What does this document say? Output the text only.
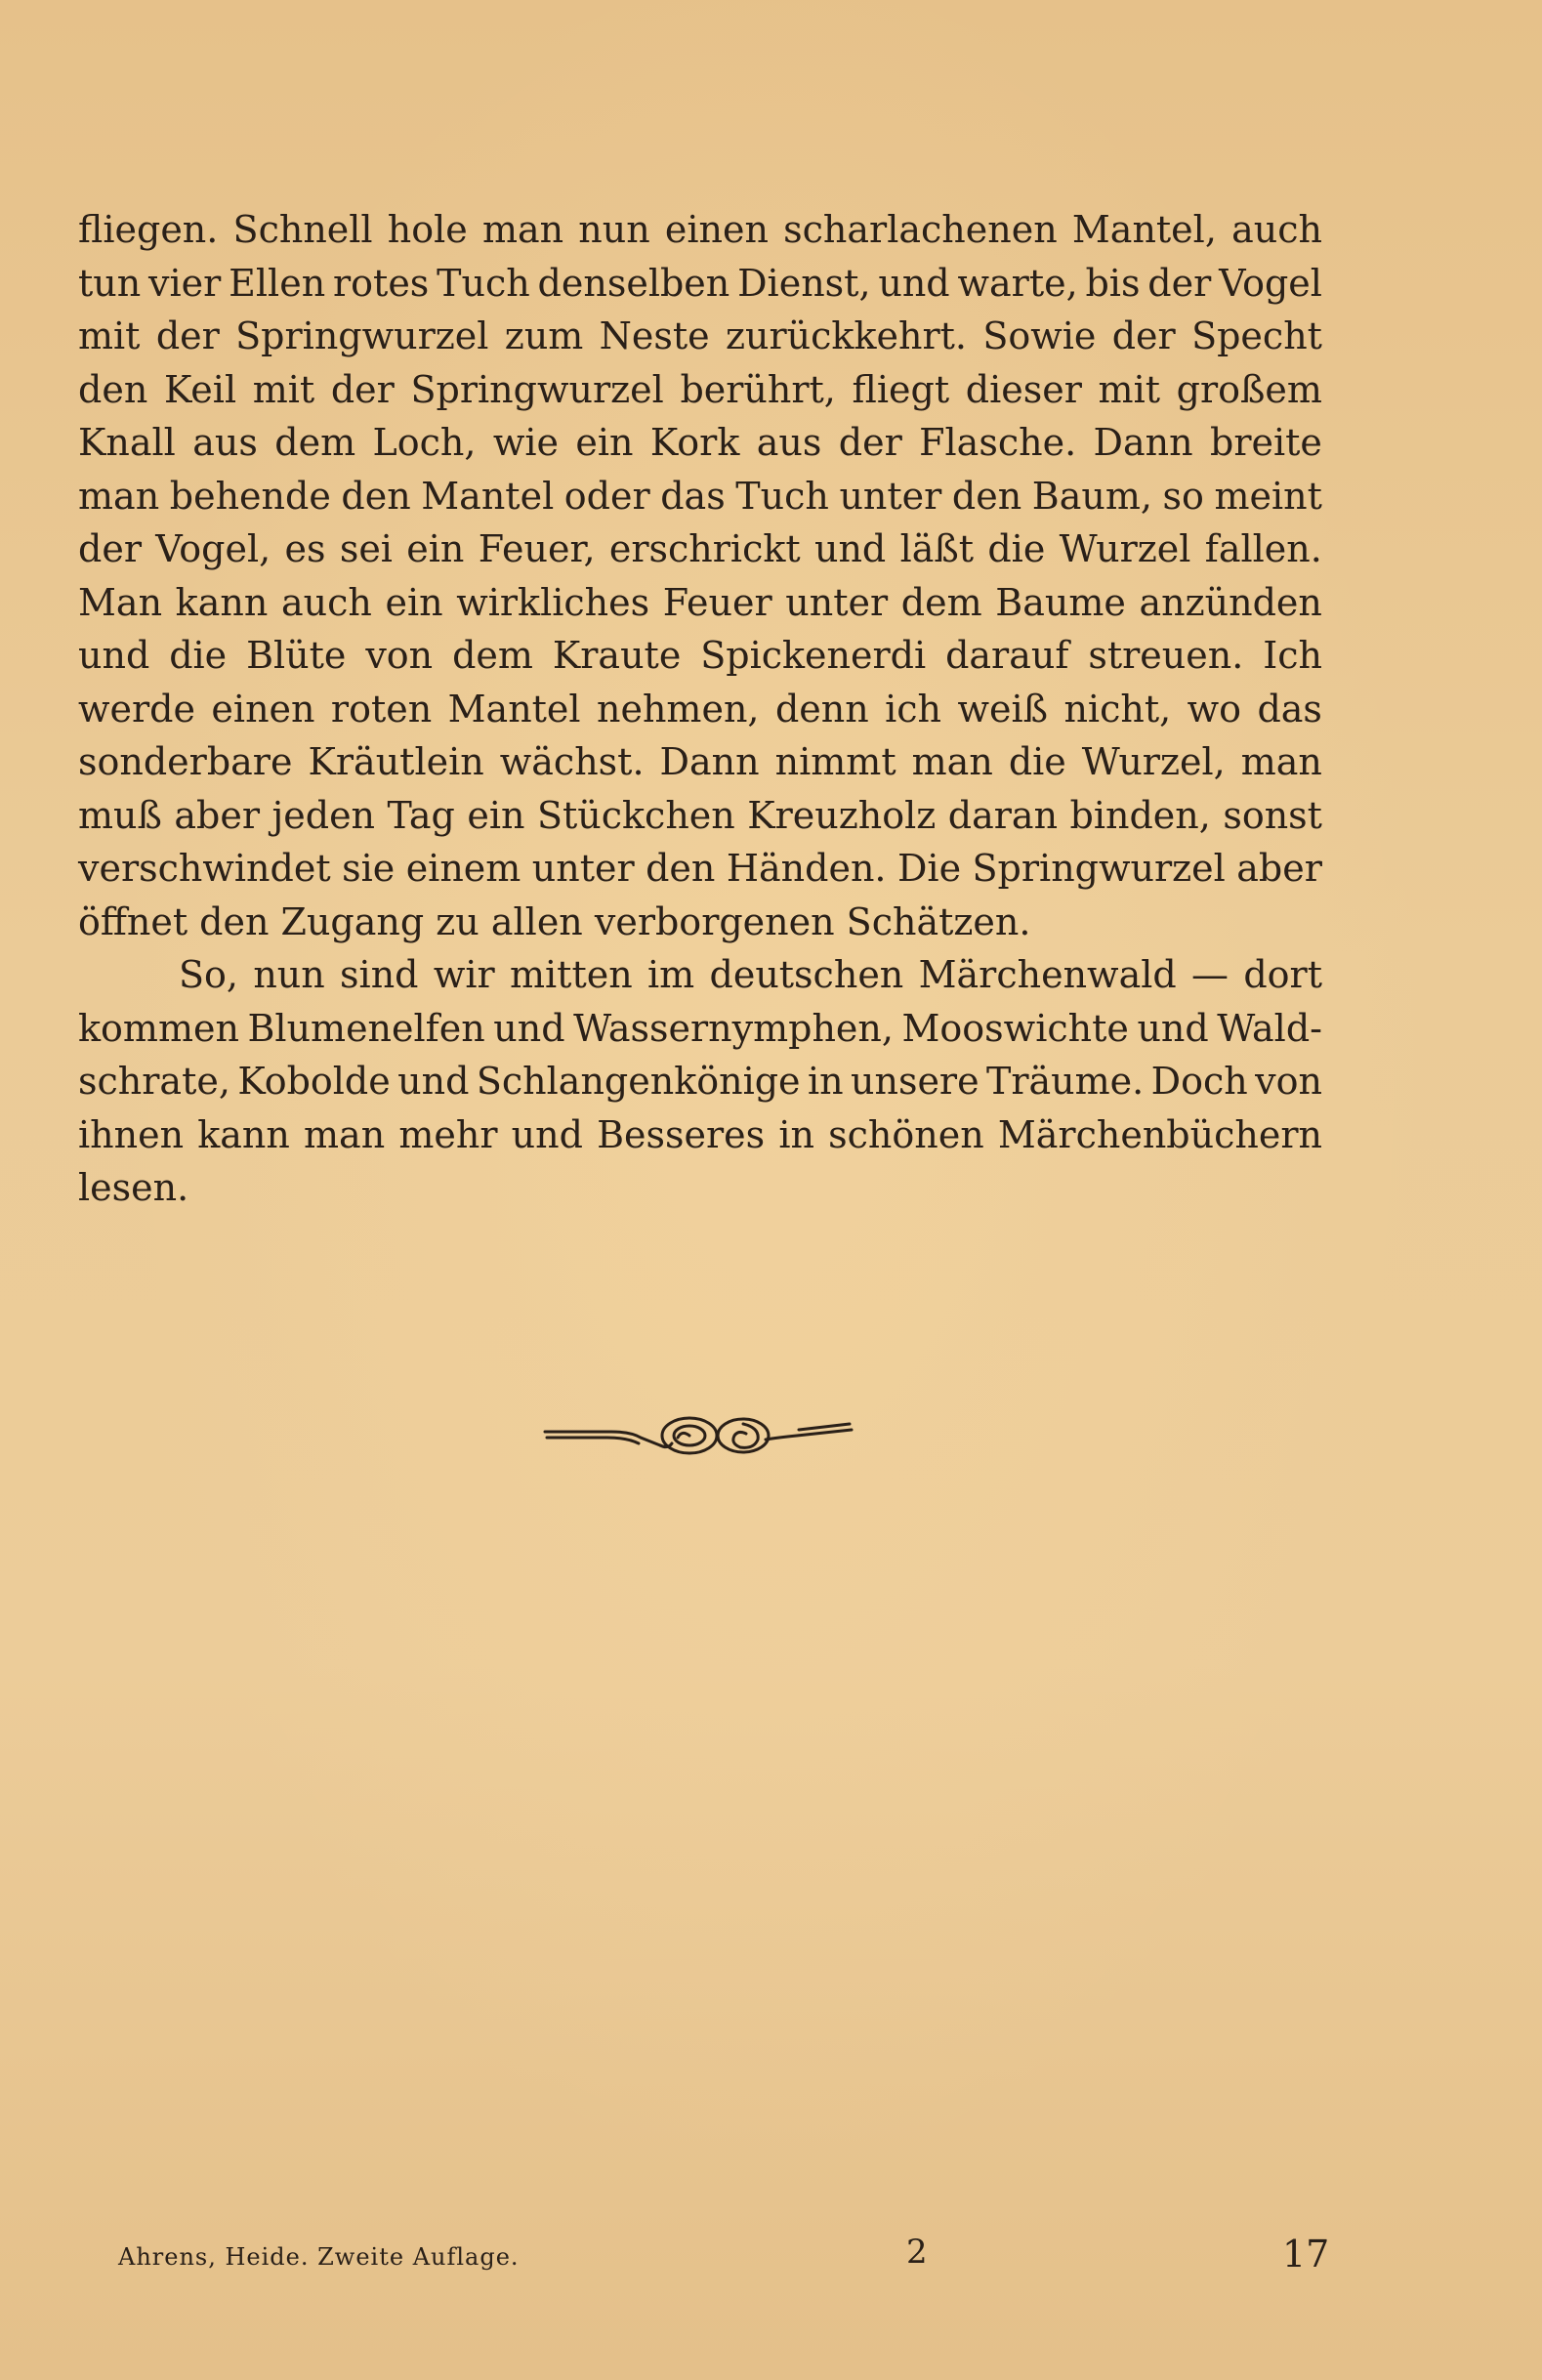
fliegen. Schnell hole man nun einen scharlachenen Mantel, auch
tun vier Ellen rotes Tuch denselben Dienst, und warte, bis der Vogel
mit der Springwurzel zum Neste zurückkehrt. Sowie der Specht
den Keil mit der Springwurzel berührt, fliegt dieser mit großem
Knall aus dem Loch, wie ein Kork aus der Flasche. Dann breite
man behende den Mantel oder das Tuch unter den Baum, so meint
der Vogel, es sei ein Feuer, erschrickt und läßt die Wurzel fallen.
Man kann auch ein wirkliches Feuer unter dem Baume anzünden
und die Blüte von dem Kraute Spickenerdi darauf streuen. Ich
werde einen roten Mantel nehmen, denn ich weiß nicht, wo das
sonderbare Kräutlein wächst. Dann nimmt man die Wurzel, man
muß aber jeden Tag ein Stückchen Kreuzholz daran binden, sonst
verschwindet sie einem unter den Händen. Die Springwurzel aber
öffnet den Zugang zu allen verborgenen Schätzen.
So, nun sind wir mitten im deutschen Märchenwald — dort
kommen Blumenelfen und Wassernymphen, Mooswichte und Wald-
schrate, Kobolde und Schlangenkönige in unsere Träume. Doch von
ihnen kann man mehr und Besseres in schönen Märchenbüchern
lesen.
Ahrens, Heide. Zweite Auflage.	2	17
